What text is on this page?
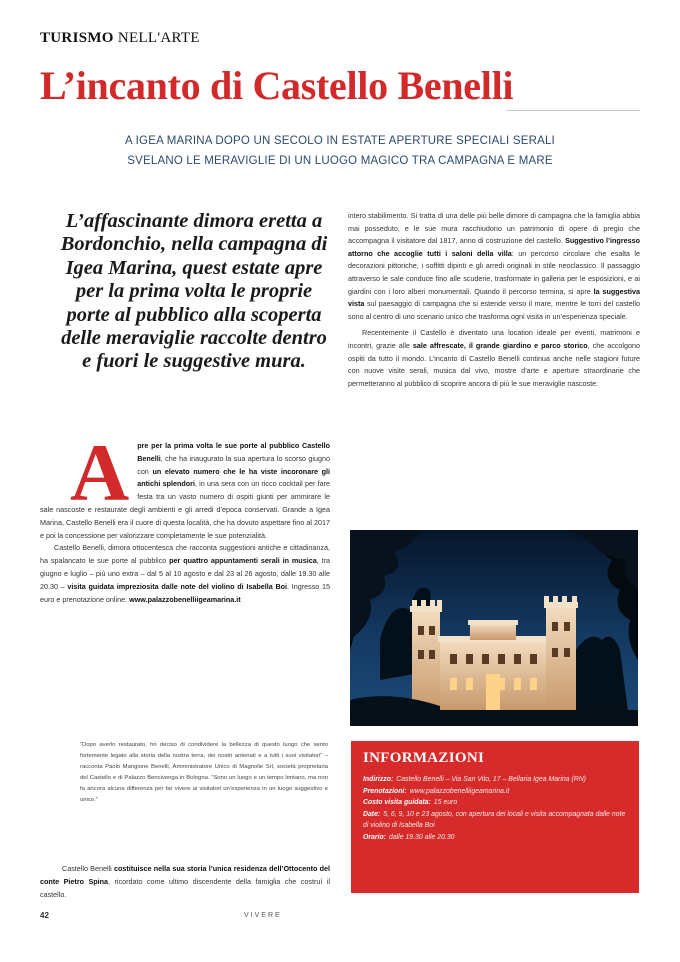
TURISMO NELL'ARTE
L’incanto di Castello Benelli
A IGEA MARINA DOPO UN SECOLO IN ESTATE APERTURE SPECIALI SERALI
SVELANO LE MERAVIGLIE DI UN LUOGO MAGICO TRA CAMPAGNA E MARE
L’affascinante dimora eretta a Bordonchio, nella campagna di Igea Marina, quest estate apre per la prima volta le proprie porte al pubblico alla scoperta delle meraviglie raccolte dentro e fuori le suggestive mura.

A pre per la prima volta le sue porte al pubblico Castello Benelli, che ha inaugurato la sua apertura lo scorso giugno con un elevato numero che le ha viste incoronare gli antichi splendori, in una sera con un ricco cocktail per fare festa tra un vasto numero di ospiti giunti per ammirare le sale nascoste e restaurate degli ambienti e gli arredi d’epoca conservati. Grande a Igea Marina, Castello Benelli era il cuore di questa località, che ha dovuto aspettare fino al 2017 e poi la concessione per valorizzare completamente le sue potenzialità.

Castello Benelli, dimora ottocentesca che racconta suggestioni antiche e cittadinanza, ha spalancato le sue porte al pubblico per quattro appuntamenti serali in musica, tra giugno e luglio – più uno extra – dal 5 al 10 agosto e dal 23 al 26 agosto, dalle 19.30 alle 20.30 – visita guidata impreziosita dalle note del violino di Isabella Boi. Ingresso 15 euro e prenotazione online: www.palazzobenelliigeamarina.it

“Dopo averlo restaurato, ho deciso di condividere la bellezza di questo luogo che sento fortemente legato alla storia della nostra terra, dei nostri antenati e a tutti i suoi visitatori” – racconta Paolo Mangione Benelli, Amministratore Unico di Magnolie Srl, società proprietaria del Castello e di Palazzo Bencivenga in Bologna. “Sono un luogo e un tempo lontano, ma non fa ancora alcuna differenza per far vivere ai visitatori un’esperienza in un luogo suggestivo e unico.”
Castello Benelli costituisce nella sua storia l’unica residenza dell’Ottocento del conte Pietro Spina, ricordato come ultimo discendente della famiglia che costruì il castello.

intero stabilimento. Si tratta di una delle più belle dimore di campagna che la famiglia abbia mai posseduto, e le sue mura racchiudono un patrimonio di opere di pregio che accompagna il visitatore dal 1817, anno di costruzione del castello. Suggestivo l’ingresso attorno che accoglie tutti i saloni della villa: un percorso circolare che esalta le decorazioni pittoriche, i soffitti dipinti e gli arredi originali in stile neoclassico. Il passaggio attraverso le sale conduce fino alle scuderie, trasformate in galleria per le esposizioni, e ai giardini con i loro alberi monumentali. Quando il percorso termina, si apre la suggestiva vista sul paesaggio di campagna che si estende verso il mare, mentre le torri del castello sono al centro di uno scenario unico che trasforma ogni visita in un’esperienza speciale.

Recentemente il Castello è diventato una location ideale per eventi, matrimoni e incontri, grazie alle sale affrescate, il grande giardino e parco storico, che accolgono ospiti da tutto il mondo. L’incanto di Castello Benelli continua anche nelle stagioni future con nuove visite serali, musica dal vivo, mostre d’arte e aperture straordinarie che permetteranno al pubblico di scoprire ancora di più le sue meraviglie nascoste.

INFORMAZIONI
Indirizzo: Castello Benelli – Via San Vito, 17 – Bellaria Igea Marina (RN)
Prenotazioni: www.palazzobenelliigeamarina.it
Costo visita guidata: 15 euro
Date: 5, 6, 9, 10 e 23 agosto, con apertura dei locali e visita accompagnata dalle note di violino di Isabella Boi
Orario: dalle 19.30 alle 20.30
42	VIVERE
